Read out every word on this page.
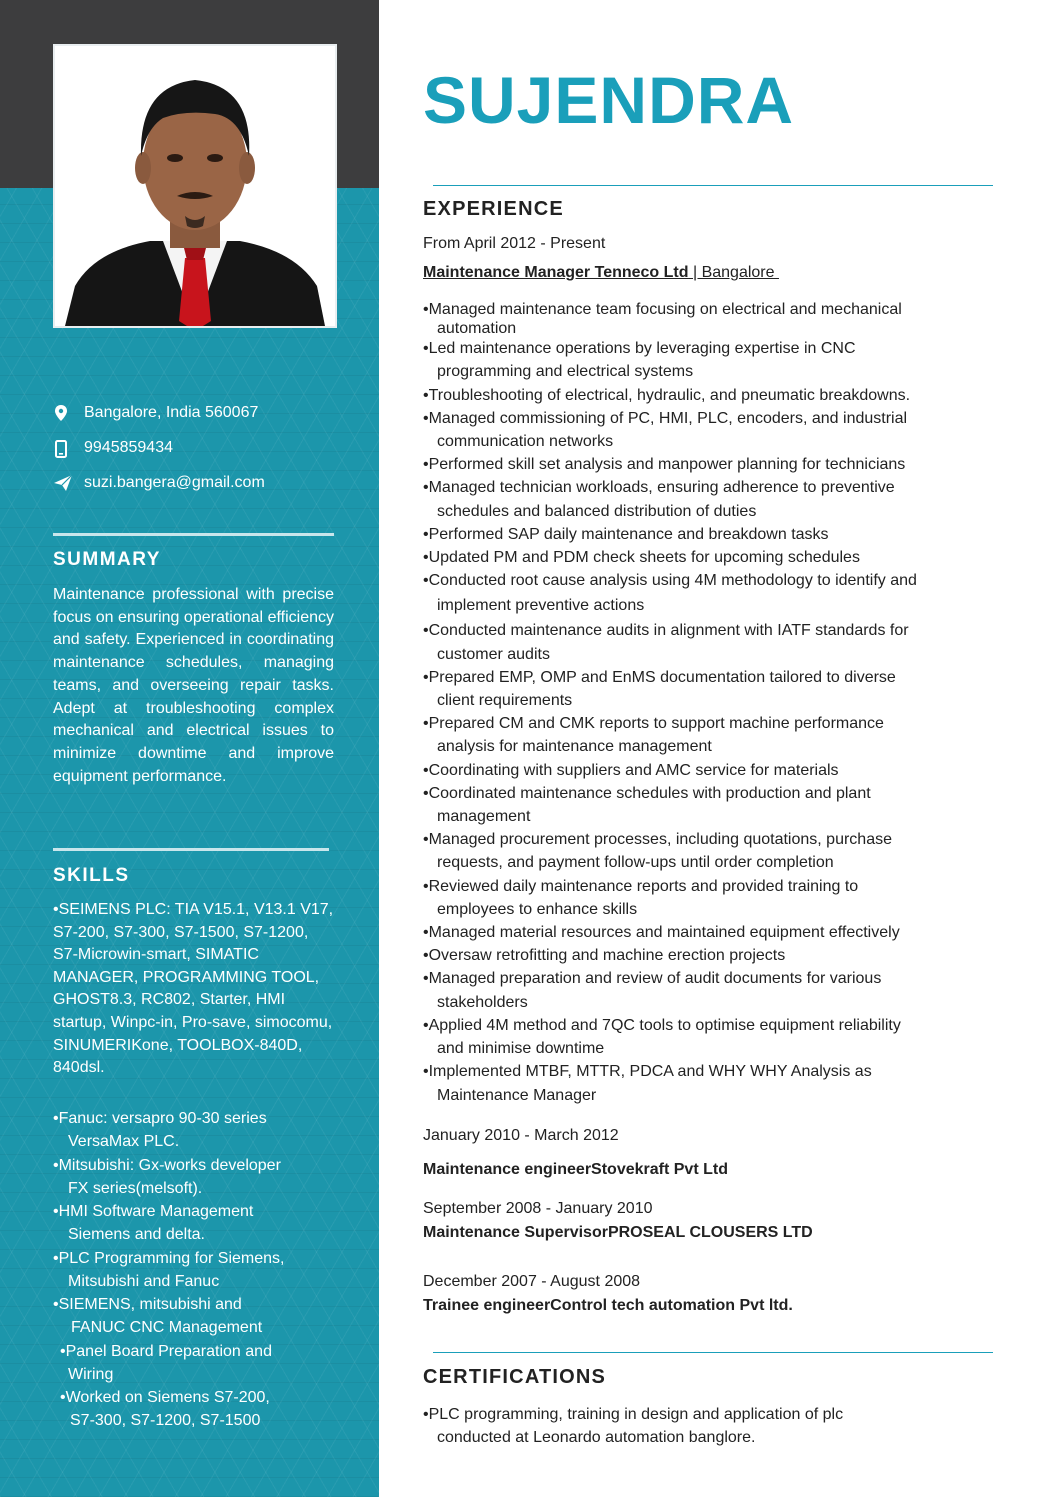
Bangalore, India 560067
9945859434
suzi.bangera@gmail.com
SUMMARY
Maintenance professional with precise focus on ensuring operational efficiency and safety. Experienced in coordinating maintenance schedules, managing teams, and overseeing repair tasks. Adept at troubleshooting complex mechanical and electrical issues to minimize downtime and improve equipment performance.
SKILLS
•SEIMENS PLC: TIA V15.1, V13.1 V17, S7-200, S7-300, S7-1500, S7-1200, S7-Microwin-smart, SIMATIC MANAGER, PROGRAMMING TOOL, GHOST8.3, RC802, Starter, HMI startup, Winpc-in, Pro-save, simocomu, SINUMERIKone, TOOLBOX-840D, 840dsl.
•Fanuc: versapro 90-30 series
VersaMax PLC.
•Mitsubishi: Gx-works developer
FX series(melsoft).
•HMI Software Management
Siemens and delta.
•PLC Programming for Siemens,
Mitsubishi and Fanuc
•SIEMENS, mitsubishi and
FANUC CNC Management
•Panel Board Preparation and
Wiring
•Worked on Siemens S7-200,
S7-300, S7-1200, S7-1500
SUJENDRA
EXPERIENCE
From April 2012 - Present
Maintenance Manager Tenneco Ltd | Bangalore
•Managed maintenance team focusing on electrical and mechanical
automation
•Led maintenance operations by leveraging expertise in CNC
programming and electrical systems
•Troubleshooting of electrical, hydraulic, and pneumatic breakdowns.
•Managed commissioning of PC, HMI, PLC, encoders, and industrial
communication networks
•Performed skill set analysis and manpower planning for technicians
•Managed technician workloads, ensuring adherence to preventive
schedules and balanced distribution of duties
•Performed SAP daily maintenance and breakdown tasks
•Updated PM and PDM check sheets for upcoming schedules
•Conducted root cause analysis using 4M methodology to identify and
implement preventive actions
•Conducted maintenance audits in alignment with IATF standards for
customer audits
•Prepared EMP, OMP and EnMS documentation tailored to diverse
client requirements
•Prepared CM and CMK reports to support machine performance
analysis for maintenance management
•Coordinating with suppliers and AMC service for materials
•Coordinated maintenance schedules with production and plant
management
•Managed procurement processes, including quotations, purchase
requests, and payment follow-ups until order completion
•Reviewed daily maintenance reports and provided training to
employees to enhance skills
•Managed material resources and maintained equipment effectively
•Oversaw retrofitting and machine erection projects
•Managed preparation and review of audit documents for various
stakeholders
•Applied 4M method and 7QC tools to optimise equipment reliability
and minimise downtime
•Implemented MTBF, MTTR, PDCA and WHY WHY Analysis as
Maintenance Manager
January 2010 - March 2012
Maintenance engineerStovekraft Pvt Ltd
September 2008 - January 2010
Maintenance SupervisorPROSEAL CLOUSERS LTD
December 2007 - August 2008
Trainee engineerControl tech automation Pvt ltd.
CERTIFICATIONS
•PLC programming, training in design and application of plc
conducted at Leonardo automation banglore.
